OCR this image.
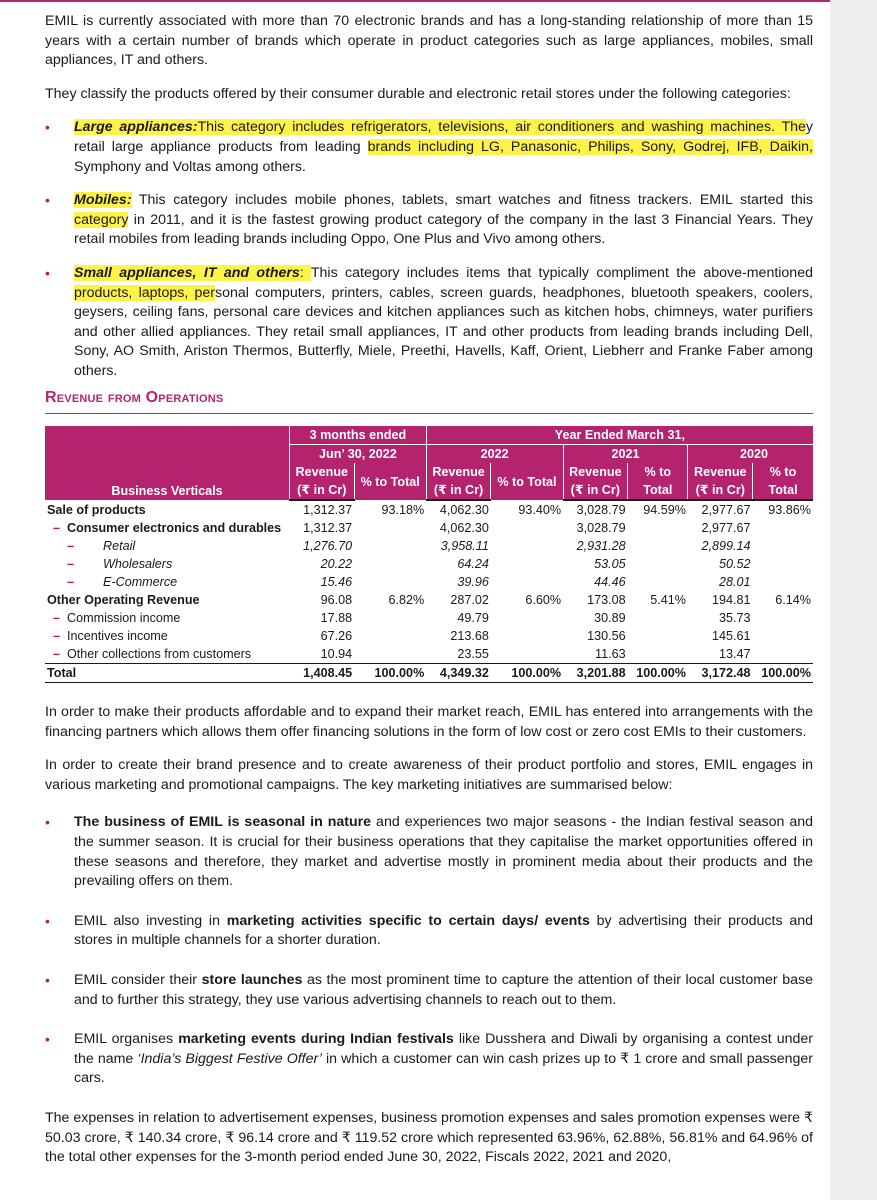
EMIL is currently associated with more than 70 electronic brands and has a long-standing relationship of more than 15 years with a certain number of brands which operate in product categories such as large appliances, mobiles, small appliances, IT and others.

They classify the products offered by their consumer durable and electronic retail stores under the following categories:

• Large appliances:This category includes refrigerators, televisions, air conditioners and washing machines. They retail large appliance products from leading brands including LG, Panasonic, Philips, Sony, Godrej, IFB, Daikin, Symphony and Voltas among others.
• Mobiles: This category includes mobile phones, tablets, smart watches and fitness trackers. EMIL started this category in 2011, and it is the fastest growing product category of the company in the last 3 Financial Years. They retail mobiles from leading brands including Oppo, One Plus and Vivo among others.
• Small appliances, IT and others: This category includes items that typically compliment the above-mentioned products, laptops, personal computers, printers, cables, screen guards, headphones, bluetooth speakers, coolers, geysers, ceiling fans, personal care devices and kitchen appliances such as kitchen hobs, chimneys, water purifiers and other allied appliances. They retail small appliances, IT and other products from leading brands including Dell, Sony, AO Smith, Ariston Thermos, Butterfly, Miele, Preethi, Havells, Kaff, Orient, Liebherr and Franke Faber among others.
Revenue from Operations
Business Verticals	3 months ended		Year Ended March 31,					
	Jun’ 30, 2022		2022		2021		2020	
	Revenue	% to Total	Revenue	% to Total	Revenue	% to	Revenue	% to
	(₹ in Cr)		(₹ in Cr)		(₹ in Cr)	Total	(₹ in Cr)	Total
Sale of products	1,312.37	93.18%	4,062.30	93.40%	3,028.79	94.59%	2,977.67	93.86%
– Consumer electronics and durables	1,312.37		4,062.30		3,028.79		2,977.67	
– Retail	1,276.70		3,958.11		2,931.28		2,899.14	
– Wholesalers	20.22		64.24		53.05		50.52	
– E-Commerce	15.46		39.96		44.46		28.01	
Other Operating Revenue	96.08	6.82%	287.02	6.60%	173.08	5.41%	194.81	6.14%
– Commission income	17.88		49.79		30.89		35.73	
– Incentives income	67.26		213.68		130.56		145.61	
– Other collections from customers	10.94		23.55		11.63		13.47	
Total	1,408.45	100.00%	4,349.32	100.00%	3,201.88	100.00%	3,172.48	100.00%

In order to make their products affordable and to expand their market reach, EMIL has entered into arrangements with the financing partners which allows them offer financing solutions in the form of low cost or zero cost EMIs to their customers.

In order to create their brand presence and to create awareness of their product portfolio and stores, EMIL engages in various marketing and promotional campaigns. The key marketing initiatives are summarised below:

• The business of EMIL is seasonal in nature and experiences two major seasons - the Indian festival season and the summer season. It is crucial for their business operations that they capitalise the market opportunities offered in these seasons and therefore, they market and advertise mostly in prominent media about their products and the prevailing offers on them.
• EMIL also investing in marketing activities specific to certain days/ events by advertising their products and stores in multiple channels for a shorter duration.
• EMIL consider their store launches as the most prominent time to capture the attention of their local customer base and to further this strategy, they use various advertising channels to reach out to them.
• EMIL organises marketing events during Indian festivals like Dusshera and Diwali by organising a contest under the name ‘India’s Biggest Festive Offer’ in which a customer can win cash prizes up to ₹ 1 crore and small passenger cars.

The expenses in relation to advertisement expenses, business promotion expenses and sales promotion expenses were ₹ 50.03 crore, ₹ 140.34 crore, ₹ 96.14 crore and ₹ 119.52 crore which represented 63.96%, 62.88%, 56.81% and 64.96% of the total other expenses for the 3-month period ended June 30, 2022, Fiscals 2022, 2021 and 2020,
